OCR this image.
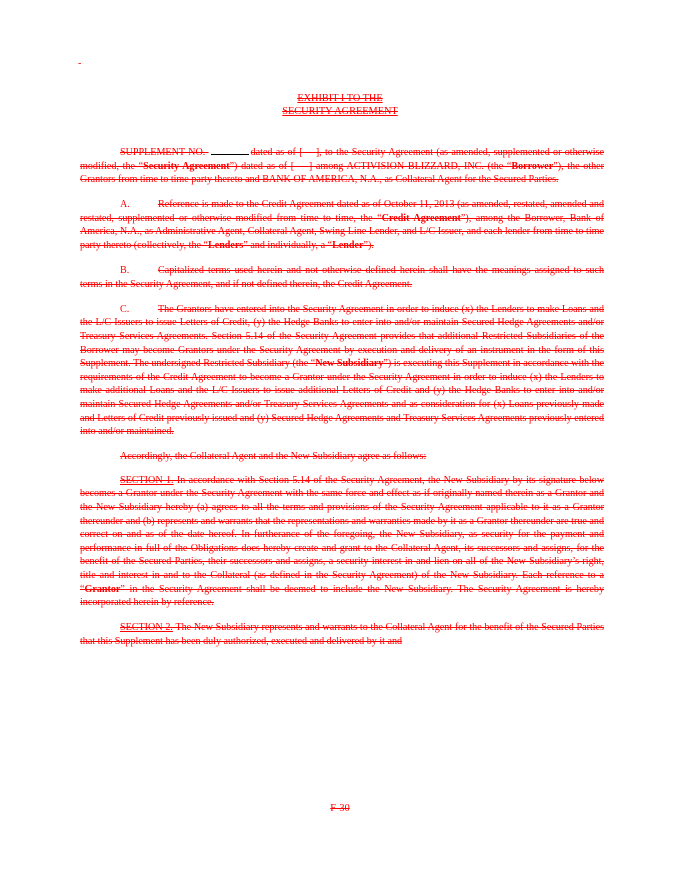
-
EXHIBIT I TO THE
SECURITY AGREEMENT

SUPPLEMENT NO.	dated as of [ ], to the Security Agreement (as amended, supplemented or otherwise modified, the “Security Agreement”) dated as of [ ] among ACTIVISION BLIZZARD, INC. (the “Borrower”), the other Grantors from time to time party thereto and BANK OF AMERICA, N.A., as Collateral Agent for the Secured Parties.

A.	Reference is made to the Credit Agreement dated as of October 11, 2013 (as amended, restated, amended and restated, supplemented or otherwise modified from time to time, the “Credit Agreement”), among the Borrower, Bank of America, N.A., as Administrative Agent, Collateral Agent, Swing Line Lender, and L/C Issuer, and each lender from time to time party thereto (collectively, the “Lenders” and individually, a “Lender”).

B.	Capitalized terms used herein and not otherwise defined herein shall have the meanings assigned to such terms in the Security Agreement, and if not defined therein, the Credit Agreement.

C.	The Grantors have entered into the Security Agreement in order to induce (x) the Lenders to make Loans and the L/C Issuers to issue Letters of Credit, (y) the Hedge Banks to enter into and/or maintain Secured Hedge Agreements and/or Treasury Services Agreements. Section 5.14 of the Security Agreement provides that additional Restricted Subsidiaries of the Borrower may become Grantors under the Security Agreement by execution and delivery of an instrument in the form of this Supplement. The undersigned Restricted Subsidiary (the “New Subsidiary”) is executing this Supplement in accordance with the requirements of the Credit Agreement to become a Grantor under the Security Agreement in order to induce (x) the Lenders to make additional Loans and the L/C Issuers to issue additional Letters of Credit and (y) the Hedge Banks to enter into and/or maintain Secured Hedge Agreements and/or Treasury Services Agreements and as consideration for (x) Loans previously made and Letters of Credit previously issued and (y) Secured Hedge Agreements and Treasury Services Agreements previously entered into and/or maintained.

Accordingly, the Collateral Agent and the New Subsidiary agree as follows:

SECTION 1. In accordance with Section 5.14 of the Security Agreement, the New Subsidiary by its signature below becomes a Grantor under the Security Agreement with the same force and effect as if originally named therein as a Grantor and the New Subsidiary hereby (a) agrees to all the terms and provisions of the Security Agreement applicable to it as a Grantor thereunder and (b) represents and warrants that the representations and warranties made by it as a Grantor thereunder are true and correct on and as of the date hereof. In furtherance of the foregoing, the New Subsidiary, as security for the payment and performance in full of the Obligations does hereby create and grant to the Collateral Agent, its successors and assigns, for the benefit of the Secured Parties, their successors and assigns, a security interest in and lien on all of the New Subsidiary’s right, title and interest in and to the Collateral (as defined in the Security Agreement) of the New Subsidiary. Each reference to a “Grantor” in the Security Agreement shall be deemed to include the New Subsidiary. The Security Agreement is hereby incorporated herein by reference.

SECTION 2. The New Subsidiary represents and warrants to the Collateral Agent for the benefit of the Secured Parties that this Supplement has been duly authorized, executed and delivered by it and

F-30
